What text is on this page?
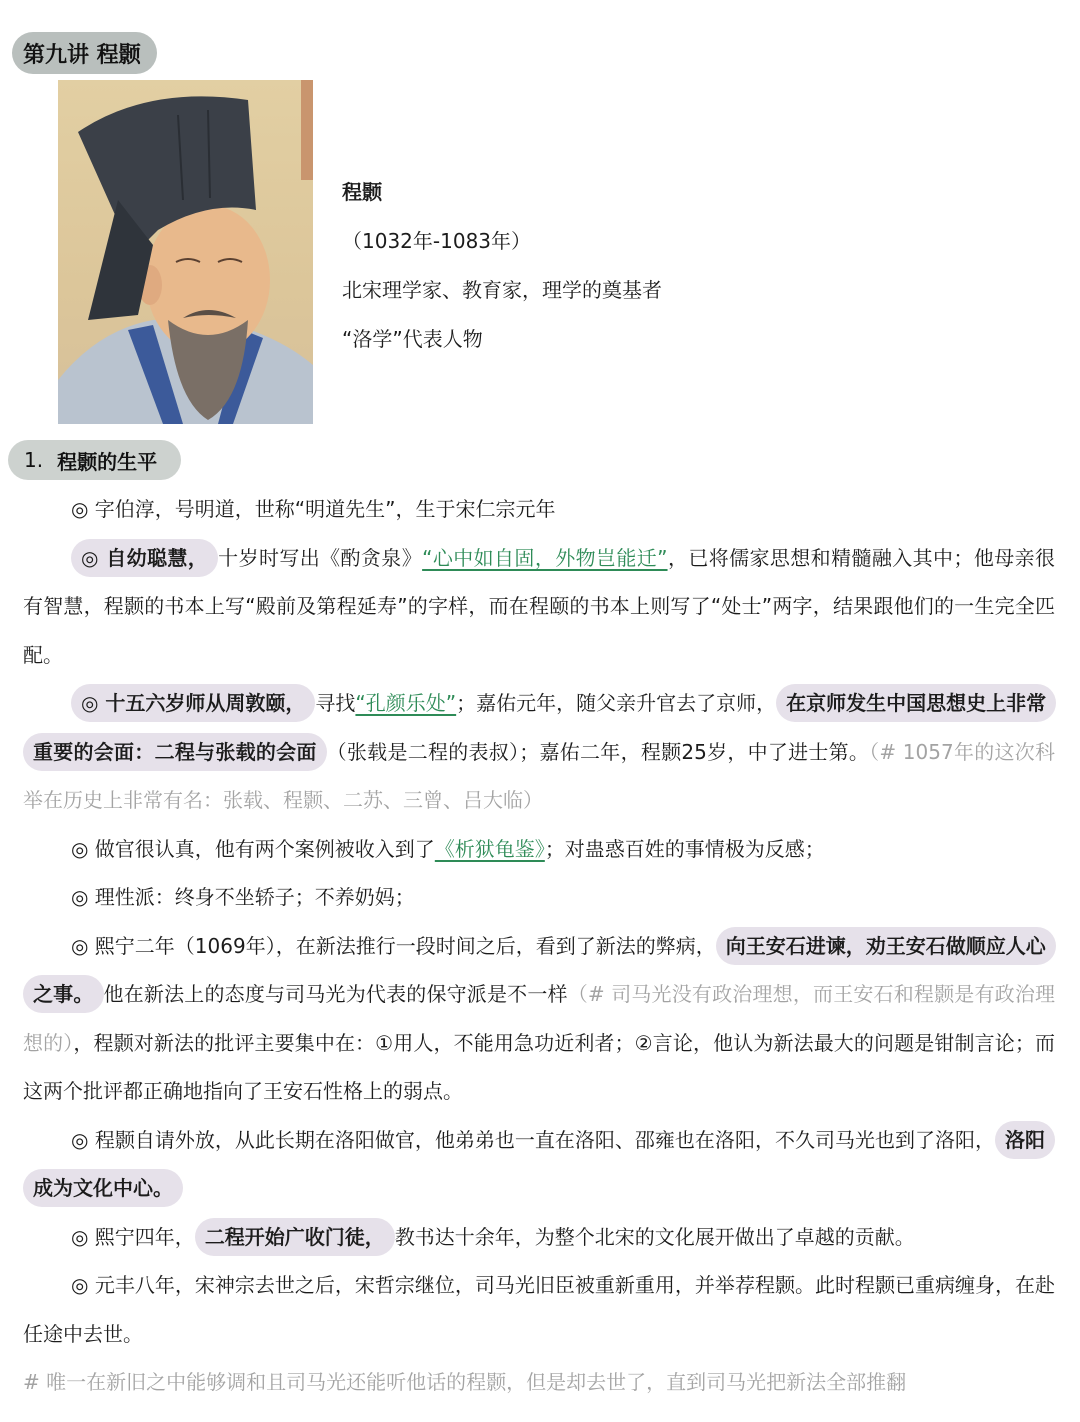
第九讲 程颢
程颢
（1032年-1083年）
北宋理学家、教育家，理学的奠基者
“洛学”代表人物
1. 程颢的生平

◎ 字伯淳，号明道，世称“明道先生”，生于宋仁宗元年

◎ 自幼聪慧， 十岁时写出《酌贪泉》“心中如自固，外物岂能迁”，已将儒家思想和精髓融入其中；他母亲很有智慧，程颢的书本上写“殿前及第程延寿”的字样，而在程颐的书本上则写了“处士”两字，结果跟他们的一生完全匹配。

◎ 十五六岁师从周敦颐， 寻找“孔颜乐处”；嘉佑元年，随父亲升官去了京师， 在京师发生中国思想史上非常重要的会面：二程与张载的会面 （张载是二程的表叔）；嘉佑二年，程颢25岁，中了进士第。（# 1057年的这次科举在历史上非常有名：张载、程颢、二苏、三曾、吕大临）

◎ 做官很认真，他有两个案例被收入到了《析狱龟鉴》；对蛊惑百姓的事情极为反感；

◎ 理性派：终身不坐轿子；不养奶妈；

◎ 熙宁二年（1069年），在新法推行一段时间之后，看到了新法的弊病， 向王安石进谏，劝王安石做顺应人心之事。 他在新法上的态度与司马光为代表的保守派是不一样（# 司马光没有政治理想，而王安石和程颢是有政治理想的），程颢对新法的批评主要集中在：①用人，不能用急功近利者；②言论，他认为新法最大的问题是钳制言论；而这两个批评都正确地指向了王安石性格上的弱点。

◎ 程颢自请外放，从此长期在洛阳做官，他弟弟也一直在洛阳、邵雍也在洛阳，不久司马光也到了洛阳， 洛阳成为文化中心。

◎ 熙宁四年， 二程开始广收门徒， 教书达十余年，为整个北宋的文化展开做出了卓越的贡献。

◎ 元丰八年，宋神宗去世之后，宋哲宗继位，司马光旧臣被重新重用，并举荐程颢。此时程颢已重病缠身，在赴任途中去世。

# 唯一在新旧之中能够调和且司马光还能听他话的程颢，但是却去世了，直到司马光把新法全部推翻
